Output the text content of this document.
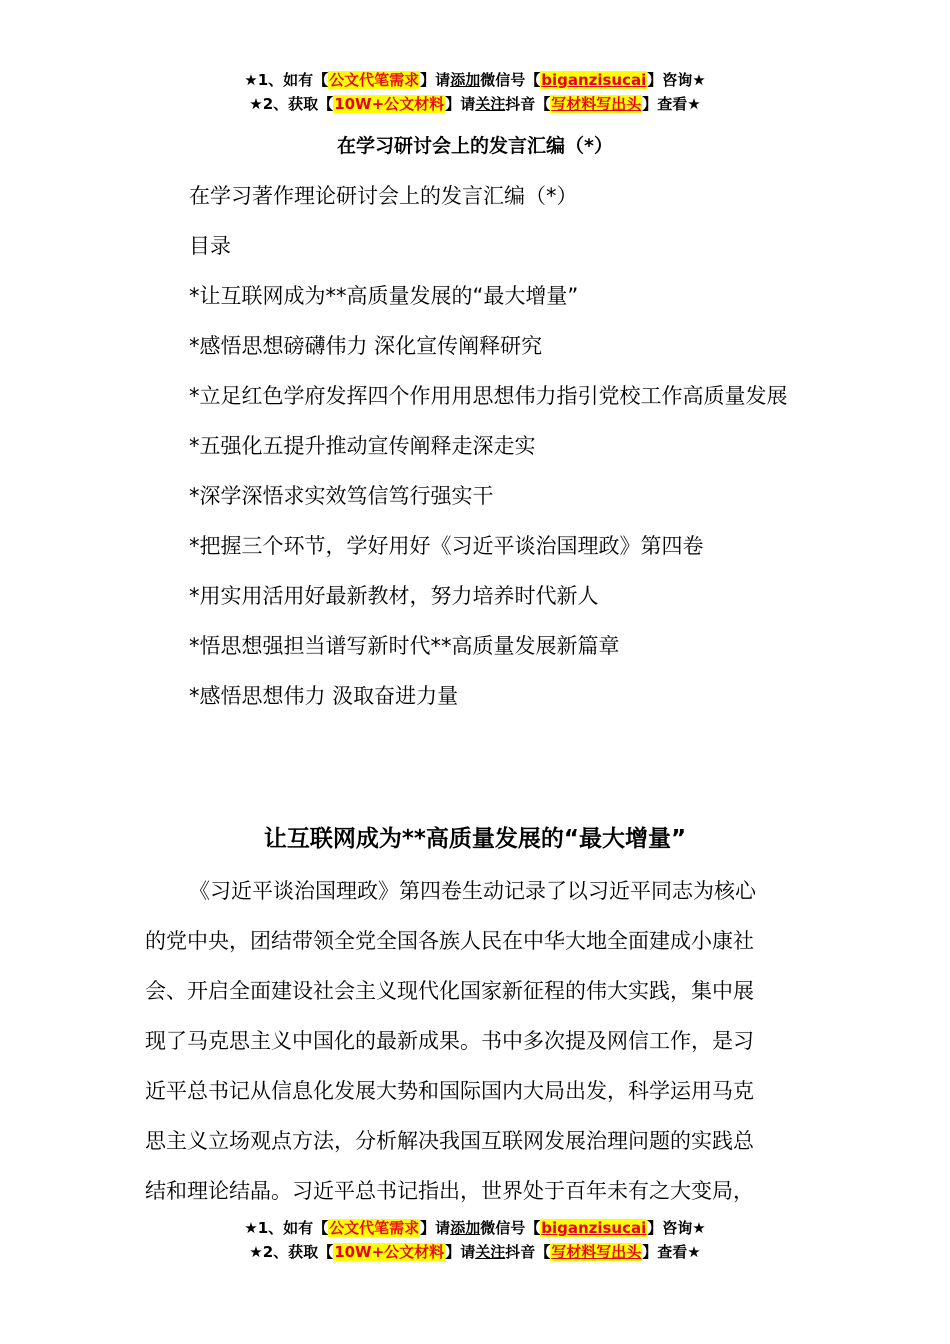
★1、如有【公文代笔需求】请添加微信号【biganzisucai】咨询★
★2、获取【10W+公文材料】请关注抖音【写材料写出头】查看★
在学习研讨会上的发言汇编（*）
在学习著作理论研讨会上的发言汇编（*）
目录
*让互联网成为**高质量发展的“最大增量”
*感悟思想磅礴伟力 深化宣传阐释研究
*立足红色学府发挥四个作用用思想伟力指引党校工作高质量发展
*五强化五提升推动宣传阐释走深走实
*深学深悟求实效笃信笃行强实干
*把握三个环节，学好用好《习近平谈治国理政》第四卷
*用实用活用好最新教材，努力培养时代新人
*悟思想强担当谱写新时代**高质量发展新篇章
*感悟思想伟力 汲取奋进力量
让互联网成为**高质量发展的“最大增量”
《习近平谈治国理政》第四卷生动记录了以习近平同志为核心
的党中央，团结带领全党全国各族人民在中华大地全面建成小康社
会、开启全面建设社会主义现代化国家新征程的伟大实践，集中展
现了马克思主义中国化的最新成果。书中多次提及网信工作，是习
近平总书记从信息化发展大势和国际国内大局出发，科学运用马克
思主义立场观点方法，分析解决我国互联网发展治理问题的实践总
结和理论结晶。习近平总书记指出，世界处于百年未有之大变局，
★1、如有【公文代笔需求】请添加微信号【biganzisucai】咨询★
★2、获取【10W+公文材料】请关注抖音【写材料写出头】查看★
